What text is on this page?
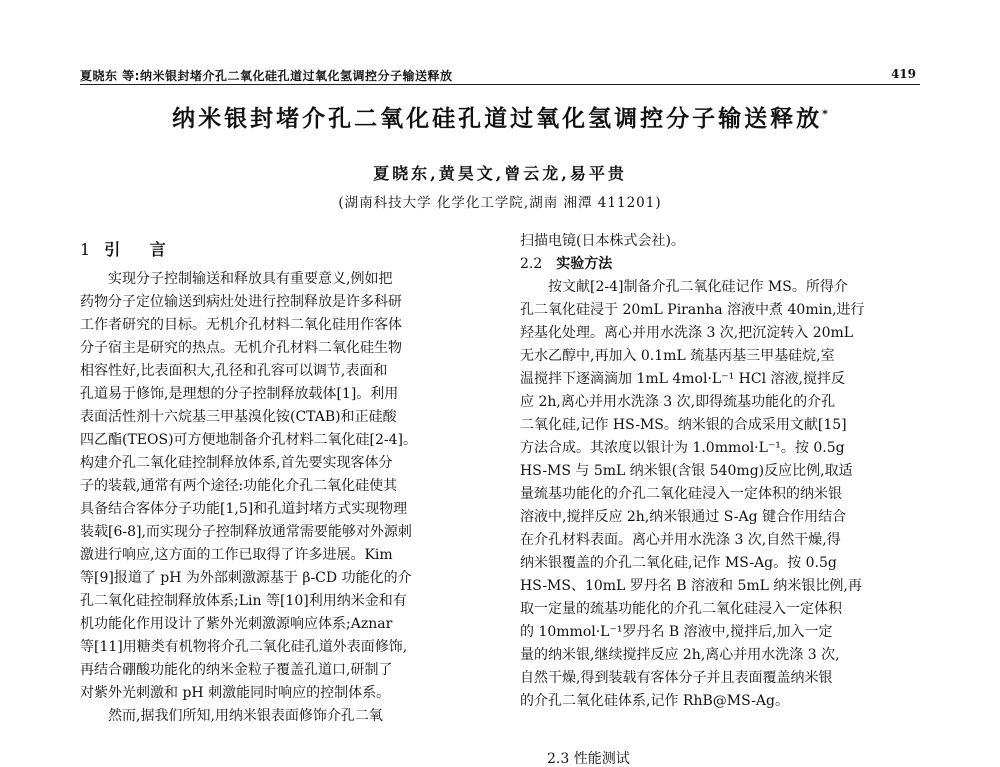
夏晓东 等:纳米银封堵介孔二氧化硅孔道过氧化氢调控分子输送释放	419
纳米银封堵介孔二氧化硅孔道过氧化氢调控分子输送释放*
夏晓东,黄昊文,曾云龙,易平贵
(湖南科技大学 化学化工学院,湖南 湘潭 411201)
1 引 言
实现分子控制输送和释放具有重要意义,例如把
药物分子定位输送到病灶处进行控制释放是许多科研
工作者研究的目标。无机介孔材料二氧化硅用作客体
分子宿主是研究的热点。无机介孔材料二氧化硅生物
相容性好,比表面积大,孔径和孔容可以调节,表面和
孔道易于修饰,是理想的分子控制释放载体[1]。利用
表面活性剂十六烷基三甲基溴化铵(CTAB)和正硅酸
四乙酯(TEOS)可方便地制备介孔材料二氧化硅[2-4]。
构建介孔二氧化硅控制释放体系,首先要实现客体分
子的装载,通常有两个途径:功能化介孔二氧化硅使其
具备结合客体分子功能[1,5]和孔道封堵方式实现物理
装载[6-8],而实现分子控制释放通常需要能够对外源刺
激进行响应,这方面的工作已取得了许多进展。Kim
等[9]报道了 pH 为外部刺激源基于 β-CD 功能化的介
孔二氧化硅控制释放体系;Lin 等[10]利用纳米金和有
机功能化作用设计了紫外光刺激源响应体系;Aznar
等[11]用糖类有机物将介孔二氧化硅孔道外表面修饰,
再结合硼酸功能化的纳米金粒子覆盖孔道口,研制了
对紫外光刺激和 pH 刺激能同时响应的控制体系。
然而,据我们所知,用纳米银表面修饰介孔二氧
扫描电镜(日本株式会社)。
2.2 实验方法
按文献[2-4]制备介孔二氧化硅记作 MS。所得介
孔二氧化硅浸于 20mL Piranha 溶液中煮 40min,进行
羟基化处理。离心并用水洗涤 3 次,把沉淀转入 20mL
无水乙醇中,再加入 0.1mL 巯基丙基三甲基硅烷,室
温搅拌下逐滴滴加 1mL 4mol·L⁻¹ HCl 溶液,搅拌反
应 2h,离心并用水洗涤 3 次,即得巯基功能化的介孔
二氧化硅,记作 HS-MS。纳米银的合成采用文献[15]
方法合成。其浓度以银计为 1.0mmol·L⁻¹。按 0.5g
HS-MS 与 5mL 纳米银(含银 540mg)反应比例,取适
量巯基功能化的介孔二氧化硅浸入一定体积的纳米银
溶液中,搅拌反应 2h,纳米银通过 S-Ag 键合作用结合
在介孔材料表面。离心并用水洗涤 3 次,自然干燥,得
纳米银覆盖的介孔二氧化硅,记作 MS-Ag。按 0.5g
HS-MS、10mL 罗丹名 B 溶液和 5mL 纳米银比例,再
取一定量的巯基功能化的介孔二氧化硅浸入一定体积
的 10mmol·L⁻¹罗丹名 B 溶液中,搅拌后,加入一定
量的纳米银,继续搅拌反应 2h,离心并用水洗涤 3 次,
自然干燥,得到装载有客体分子并且表面覆盖纳米银
的介孔二氧化硅体系,记作 RhB@MS-Ag。
2.3 性能测试
